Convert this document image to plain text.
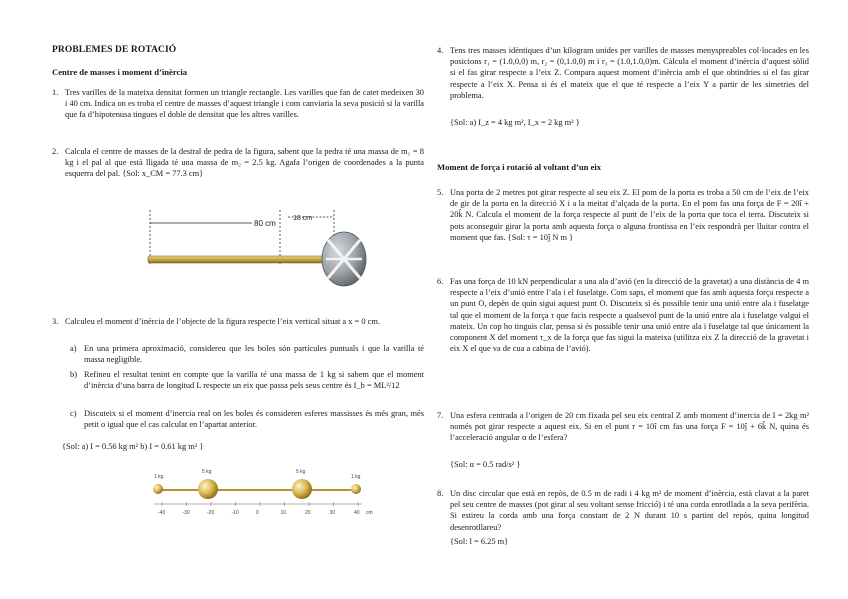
PROBLEMES DE ROTACIÓ
Centre de masses i moment d’inèrcia
1. Tres varilles de la mateixa densitat formen un triangle rectangle. Les varilles que fan de catet medeixen 30 i 40 cm. Indica on es troba el centre de masses d’aquest triangle i com canviaria la seva posició si la varilla que fa d’hipotenusa tingues el doble de densitat que les altres varilles.
2. Calcula el centre de masses de la destral de pedra de la figura, sabent que la pedra té una massa de m₁ = 8 kg i el pal al que està lligada té una massa de m₂ = 2.5 kg. Agafa l’origen de coordenades a la punta esquerra del pal. {Sol: x_CM = 77.3 cm}
80 cm
18 cm
3. Calculeu el moment d’inèrcia de l’objecte de la figura respecte l’eix vertical situat a x = 0 cm.
a) En una primera aproximació, considereu que les boles són partícules puntuals i que la varilla té massa negligible.
b) Refineu el resultat tenint en compte que la varilla té una massa de 1 kg si sabem que el moment d’inèrcia d’una barra de longitud L respecte un eix que passa pels seus centre és I_b = ML²/12
c) Discuteix si el moment d’inercia real on les boles és consideren esferes massisses és més gran, més petit o igual que el cas calculat en l’apartat anterior.
{Sol: a) I = 0.56 kg m² b) I = 0.61 kg m² }
1 kg
5 kg	5 kg
1 kg
-40	-30	-20	-10	0	10	20	30	40 cm
4. Tens tres masses idèntiques d’un kilogram unides per varilles de masses menyspreables col·locades en les posicions r₁ = (1.0,0,0) m, r₂ = (0,1.0,0) m i r₃ = (1.0,1.0,0)m. Càlcula el moment d’inèrcia d’aquest sòlid si el fas girar respecte a l’eix Z. Compara aquest moment d’inèrcia amb el que obtindries si el fas girar respecte a l’eix X. Pensa si és el mateix que el que té respecte a l’eix Y a partir de les simetries del problema.
{Sol: a) I_z = 4 kg m², I_x = 2 kg m² }
Moment de força i rotació al voltant d’un eix
5. Una porta de 2 metres pot girar respecte al seu eix Z. El pom de la porta es troba a 50 cm de l’eix de l’eix de gir de la porta en la direcció X i a la meitat d’alçada de la porta. En el pom fas una força de F = 20î + 20k̂ N. Calcula el moment de la força respecte al punt de l’eix de la porta que toca el terra. Discuteix si pots aconseguir girar la porta amb aquesta força o alguna frontissa en l’eix respondrà per lluitar contra el moment que fas. {Sol: τ = 10ĵ N m }
6. Fas una força de 10 kN perpendicular a una ala d’avió (en la direcció de la gravetat) a una distància de 4 m respecte a l’eix d’unió entre l’ala i el fuselatge. Com saps, el moment que fas amb aquesta força respecte a un punt O, depèn de quin sigui aquest punt O. Discuteix si és possible tenir una unió entre ala i fuselatge tal que el moment de la força τ que facis respecte a qualsevol punt de la unió entre ala i fuselatge valgui el mateix. Un cop ho tinguis clar, pensa si és possible tenir una unió entre ala i fuselatge tal que únicament la component X del moment τ_x de la força que fas sigui la mateixa (utilitza eix Z la direcció de la gravetat i eix X el que va de cua a cabina de l’avió).
7. Una esfera centrada a l’origen de 20 cm fixada pel seu eix central Z amb moment d’inercia de I = 2kg m² només pot girar respecte a aquest eix. Si en el punt r = 10î cm fas una força F = 10ĵ + 6k̂ N, quina és l’acceleració angular α de l’esfera?
{Sol: α = 0.5 rad/s² }
8. Un disc circular que està en repòs, de 0.5 m de radi i 4 kg m² de moment d’inèrcia, està clavat a la paret pel seu centre de masses (pot girar al seu voltant sense fricció) i té una corda enrotllada a la seva perifèria. Si estireu la corda amb una força constant de 2 N durant 10 s partint del repòs, quina longitud desenrotllareu?
{Sol: l = 6.25 m}
